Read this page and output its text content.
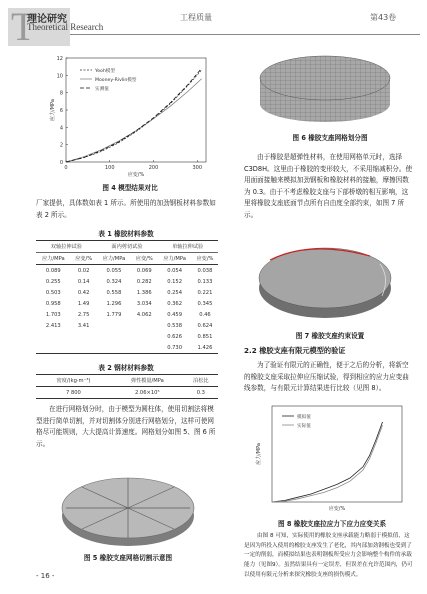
T
理论研究
Theoretical Research
工程质量	第43卷
0
2
4
6
8
10
12
0	100	200	300
应力/MPa
应变/%
Yeoh模型
Mooney-Rivlin模型
实测值
图 4 模型结果对比
厂家提供，具体数如表 1 所示。所使用的加劲钢板材料参数如表 2 所示。
表 1 橡胶材料参数
双轴拉伸试验		面内剪切试验		单轴拉伸试验	
应力/MPa	应变/%	应力/MPa	应变/%	应力/MPa	应变/%
0.089	0.02	0.055	0.069	0.054	0.038
0.255	0.14	0.324	0.282	0.152	0.133
0.503	0.42	0.558	1.386	0.254	0.221
0.958	1.49	1.296	3.034	0.362	0.345
1.703	2.75	1.779	4.062	0.459	0.46
2.413	3.41			0.538	0.624
				0.626	0.851
				0.730	1.426
表 2 钢材材料参数
密度/(kg·m⁻³)	弹性模量/MPa	泊松比
7 800	2.06×10⁵	0.3
在进行网格划分时，由于模型为圆柱体，使用切割法将模型进行简单切割，并对切割体分别进行网格划分，这样可使网格尽可能规则，大大提高计算速度。网格划分如图 5、图 6 所示。
图 5 橡胶支座网格切割示意图
- 16 -
图 6 橡胶支座网格划分图
由于橡胶是超弹性材料，在使用网格单元时，选择C3D8H。这里由于橡胶的变形较大，不采用缩减积分。使用面面接触来模拟加劲钢板和橡胶材料的接触，摩擦因数为 0.3。由于不考虑橡胶支座与下部桥墩的相互影响，这里将橡胶支座底面节点所有自由度全部约束，如图 7 所示。
图 7 橡胶支座约束设置
2.2 橡胶支座有限元模型的验证
为了验证有限元的正确性，便于之后的分析，将新空的橡胶支座采取拉伸应压缩试验，得到相应的应力应变曲线参数，与有限元计算结果进行比较（见图 8）。
应力/MPa
应变/%
模拟值
实际值
图 8 橡胶支座拉应力下应力应变关系
由图 8 可知，实际使用的橡胶支座承载能力略弱于模拟值，这是因为所投入使用的橡胶支座发生了老化，其内部加劲钢板也受到了一定的削弱，而模拟结果也表明钢板所受应力会影响整个构件的承载能力（见图9）。虽然结果具有一定误差，但误差在允许范围内，仍可以使用有限元分析来探究橡胶支座的损伤模式。
